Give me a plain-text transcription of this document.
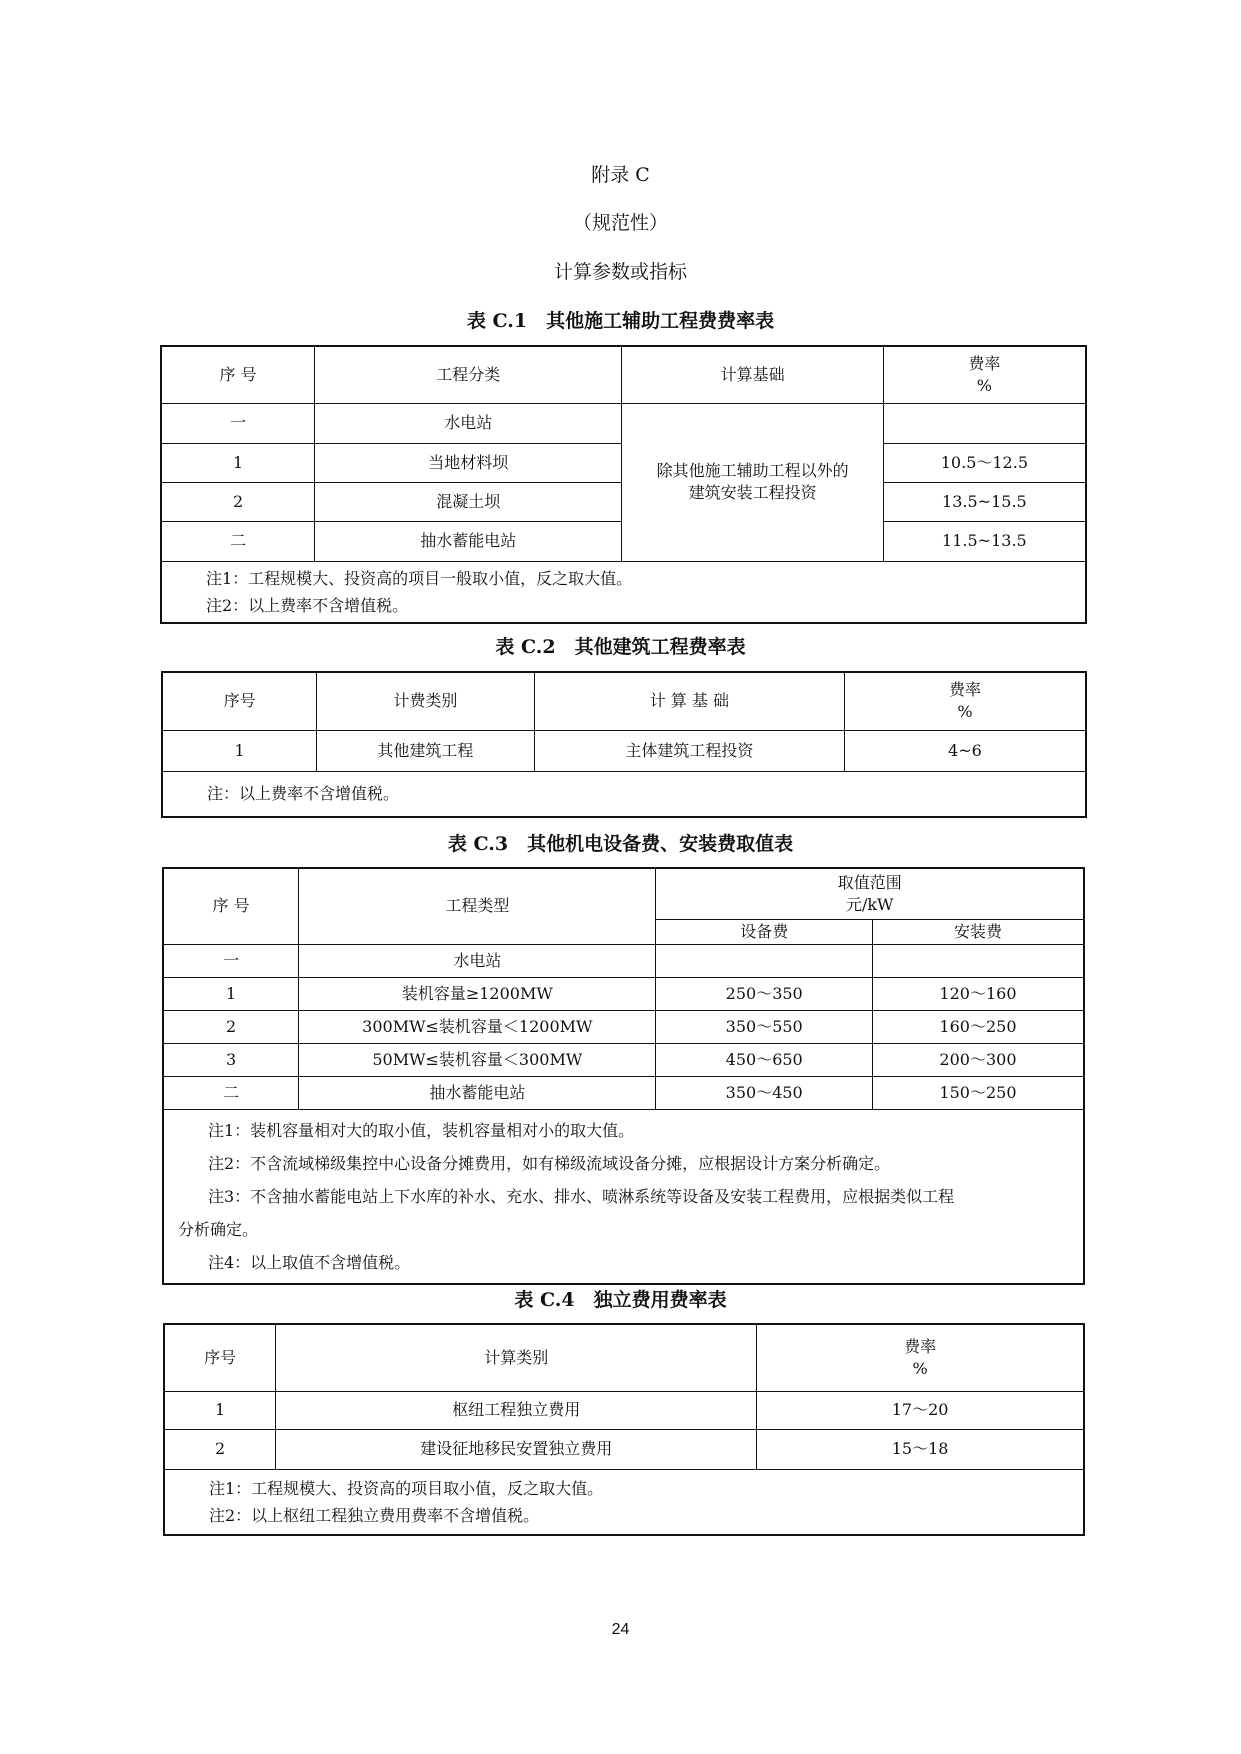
附录 C
（规范性）
计算参数或指标
表 C.1　其他施工辅助工程费费率表
序 号	工程分类	计算基础	费率
%

一	水电站	除其他施工辅助工程以外的
建筑安装工程投资	

1	当地材料坝		10.5～12.5
2	混凝土坝		13.5~15.5
二	抽水蓄能电站		11.5~13.5

注1：工程规模大、投资高的项目一般取小值，反之取大值。
注2：以上费率不含增值税。			
表 C.2　其他建筑工程费率表
序号	计费类别	计 算 基 础	费率
%

1	其他建筑工程	主体建筑工程投资	4~6

注：以上费率不含增值税。			
表 C.3　其他机电设备费、安装费取值表
序 号	工程类型	取值范围
元/kW	

		设备费	安装费
一	水电站		
1	装机容量≥1200MW	250～350	120～160
2	300MW≤装机容量＜1200MW	350～550	160～250
3	50MW≤装机容量＜300MW	450～650	200～300
二	抽水蓄能电站	350～450	150～250

注1：装机容量相对大的取小值，装机容量相对小的取大值。
注2：不含流域梯级集控中心设备分摊费用，如有梯级流域设备分摊，应根据设计方案分析确定。
注3：不含抽水蓄能电站上下水库的补水、充水、排水、喷淋系统等设备及安装工程费用，应根据类似工程
分析确定。
注4：以上取值不含增值税。			
表 C.4　独立费用费率表
序号	计算类别	费率
%

1	枢纽工程独立费用	17～20
2	建设征地移民安置独立费用	15～18

注1：工程规模大、投资高的项目取小值，反之取大值。
注2：以上枢纽工程独立费用费率不含增值税。		
24
